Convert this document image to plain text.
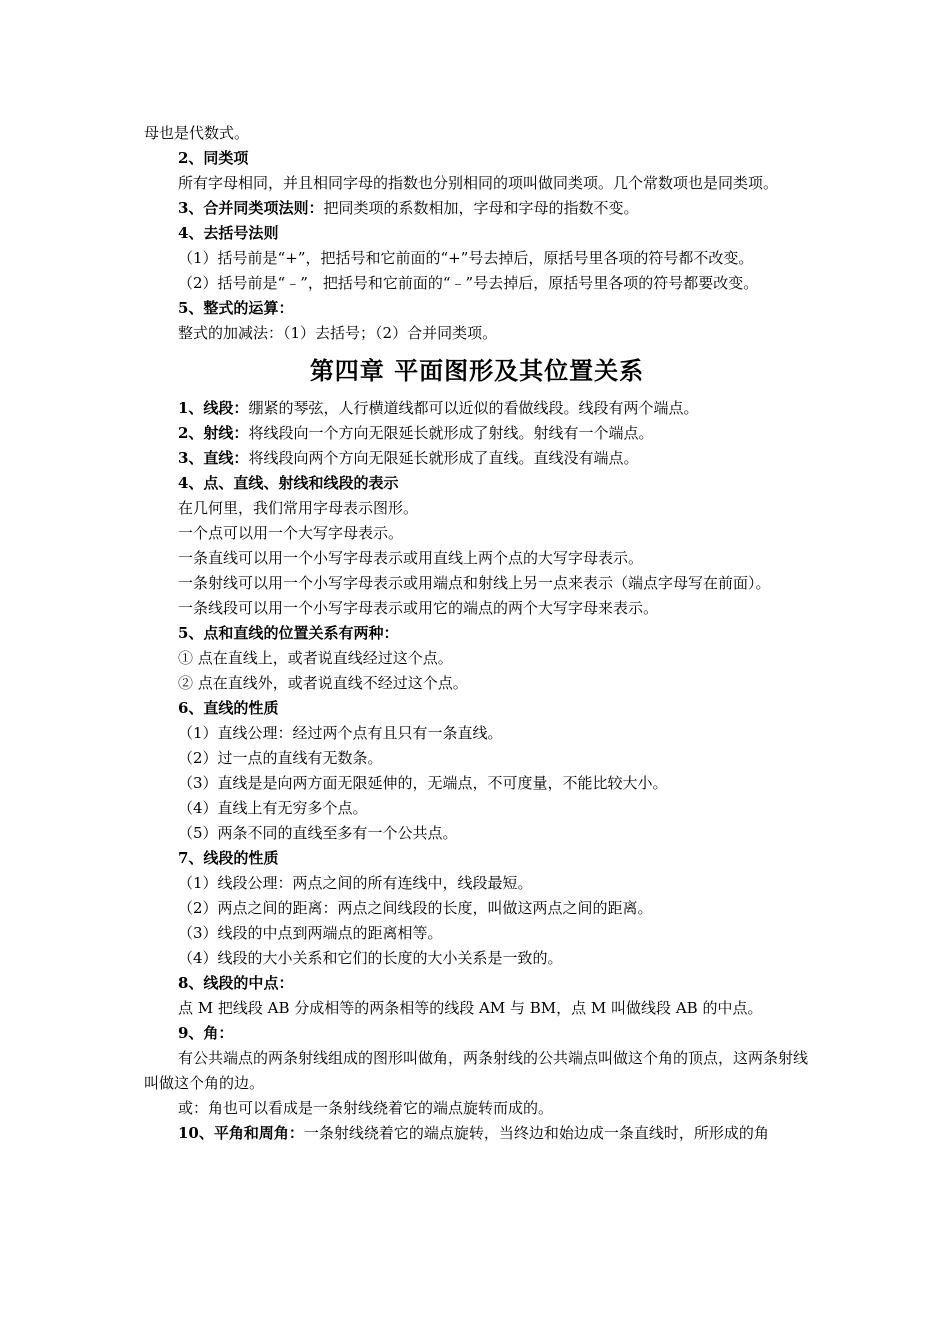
母也是代数式。

2、同类项

所有字母相同，并且相同字母的指数也分别相同的项叫做同类项。几个常数项也是同类项。

3、合并同类项法则：把同类项的系数相加，字母和字母的指数不变。

4、去括号法则

（1）括号前是“+”，把括号和它前面的“+”号去掉后，原括号里各项的符号都不改变。

（2）括号前是“﹣”，把括号和它前面的“﹣”号去掉后，原括号里各项的符号都要改变。

5、整式的运算：

整式的加减法：（1）去括号；（2）合并同类项。

第四章 平面图形及其位置关系

1、线段：绷紧的琴弦，人行横道线都可以近似的看做线段。线段有两个端点。

2、射线：将线段向一个方向无限延长就形成了射线。射线有一个端点。

3、直线：将线段向两个方向无限延长就形成了直线。直线没有端点。

4、点、直线、射线和线段的表示

在几何里，我们常用字母表示图形。

一个点可以用一个大写字母表示。

一条直线可以用一个小写字母表示或用直线上两个点的大写字母表示。

一条射线可以用一个小写字母表示或用端点和射线上另一点来表示（端点字母写在前面）。

一条线段可以用一个小写字母表示或用它的端点的两个大写字母来表示。

5、点和直线的位置关系有两种：

① 点在直线上，或者说直线经过这个点。

② 点在直线外，或者说直线不经过这个点。

6、直线的性质

（1）直线公理：经过两个点有且只有一条直线。

（2）过一点的直线有无数条。

（3）直线是是向两方面无限延伸的，无端点，不可度量，不能比较大小。

（4）直线上有无穷多个点。

（5）两条不同的直线至多有一个公共点。

7、线段的性质

（1）线段公理：两点之间的所有连线中，线段最短。

（2）两点之间的距离：两点之间线段的长度，叫做这两点之间的距离。

（3）线段的中点到两端点的距离相等。

（4）线段的大小关系和它们的长度的大小关系是一致的。

8、线段的中点：

点 M 把线段 AB 分成相等的两条相等的线段 AM 与 BM，点 M 叫做线段 AB 的中点。

9、角：

有公共端点的两条射线组成的图形叫做角，两条射线的公共端点叫做这个角的顶点，这两条射线叫做这个角的边。

或：角也可以看成是一条射线绕着它的端点旋转而成的。

10、平角和周角：一条射线绕着它的端点旋转，当终边和始边成一条直线时，所形成的角
